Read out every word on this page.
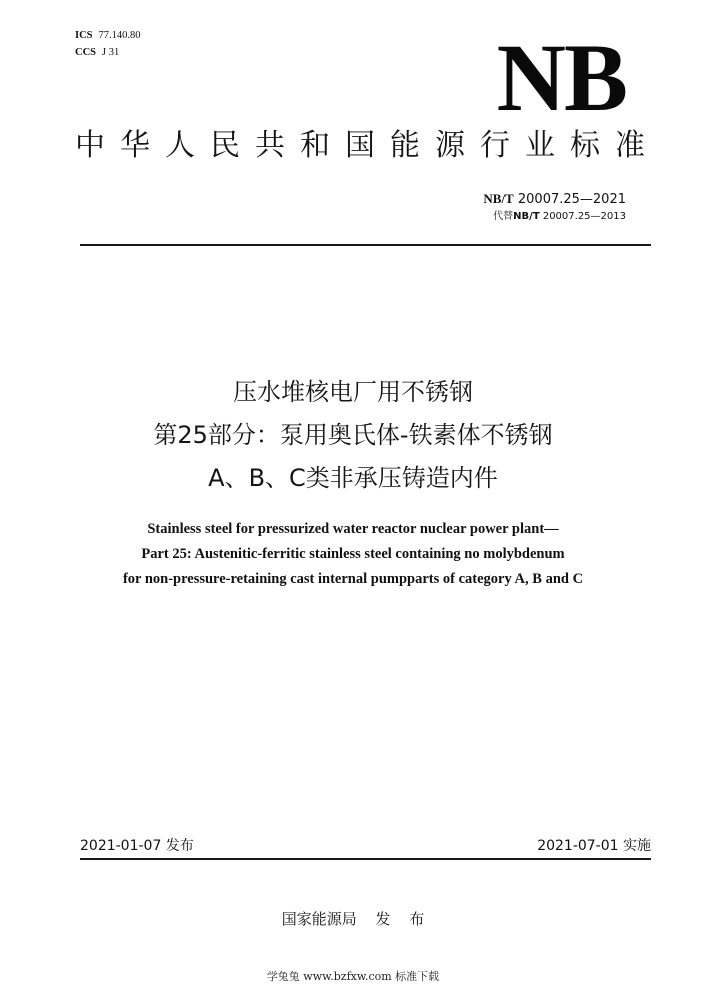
ICS 77.140.80
CCS J 31	NB
中华人民共和国能源行业标准
NB/T 20007.25—2021
代替NB/T 20007.25—2013
压水堆核电厂用不锈钢
第25部分：泵用奥氏体-铁素体不锈钢
A、B、C类非承压铸造内件
Stainless steel for pressurized water reactor nuclear power plant—
Part 25: Austenitic-ferritic stainless steel containing no molybdenum
for non-pressure-retaining cast internal pumpparts of category A, B and C
2021-01-07 发布	2021-07-01 实施
国家能源局 发 布
学兔兔 www.bzfxw.com 标准下载
